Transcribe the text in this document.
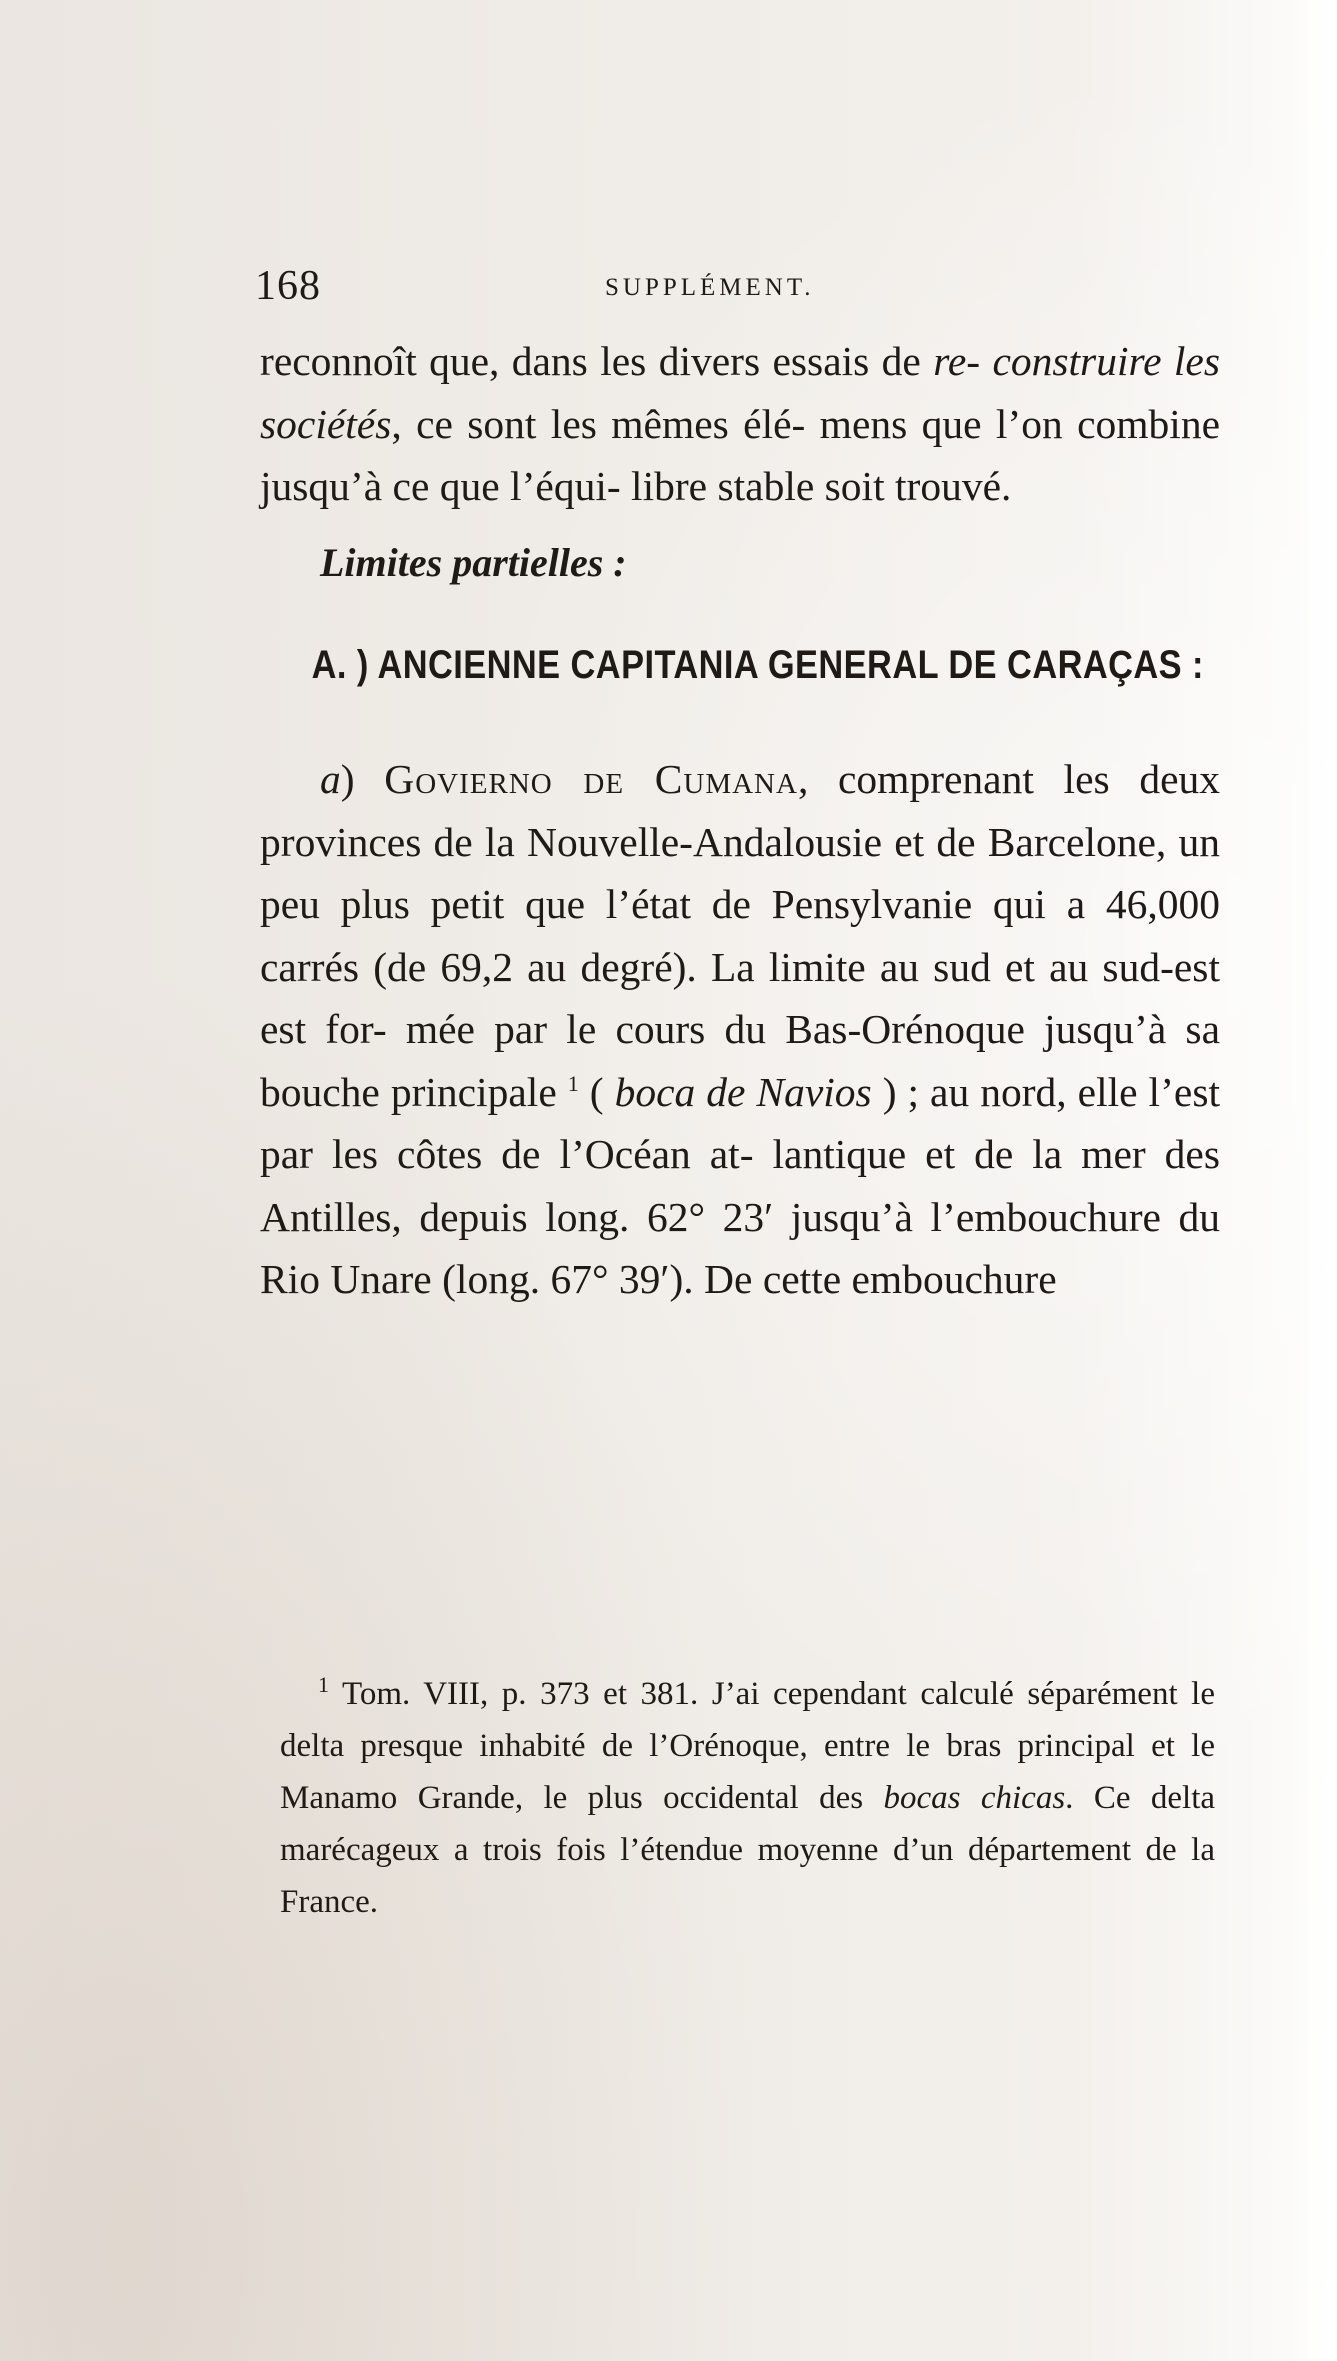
168	SUPPLÉMENT.

reconnoît que, dans les divers essais de re- construire les sociétés, ce sont les mêmes élé- mens que l’on combine jusqu’à ce que l’équi- libre stable soit trouvé.

Limites partielles :

A. ) ANCIENNE CAPITANIA GENERAL DE CARAÇAS :

a) Govierno de Cumana, comprenant les deux provinces de la Nouvelle-Andalousie et de Barcelone, un peu plus petit que l’état de Pensylvanie qui a 46,000 carrés (de 69,2 au degré). La limite au sud et au sud-est est for- mée par le cours du Bas-Orénoque jusqu’à sa bouche principale $^1$ ( boca de Navios ) ; au nord, elle l’est par les côtes de l’Océan at- lantique et de la mer des Antilles, depuis long. 62° 23′ jusqu’à l’embouchure du Rio Unare (long. 67° 39′). De cette embouchure

$^1$ Tom. VIII, p. 373 et 381. J’ai cependant calculé séparément le delta presque inhabité de l’Orénoque, entre le bras principal et le Manamo Grande, le plus occidental des bocas chicas. Ce delta marécageux a trois fois l’étendue moyenne d’un département de la France.
